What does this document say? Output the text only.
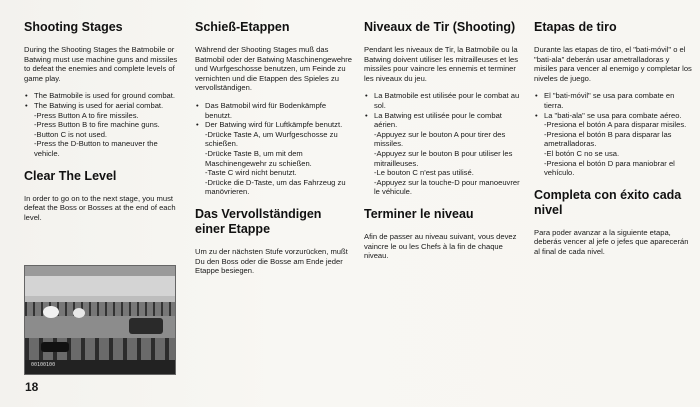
Shooting Stages

During the Shooting Stages the Batmobile or Batwing must use machine guns and missiles to defeat the enemies and complete levels of game play.

• The Batmobile is used for ground combat.
• The Batwing is used for aerial combat.
-Press Button A to fire missiles.
-Press Button B to fire machine guns.
-Button C is not used.
-Press the D-Button to maneuver the vehicle.
Clear The Level

In order to go on to the next stage, you must defeat the Boss or Bosses at the end of each level.

Schieß-Etappen

Während der Shooting Stages muß das Batmobil oder der Batwing Maschinengewehre und Wurfgeschosse benutzen, um Feinde zu vernichten und die Etappen des Spieles zu vervollständigen.

• Das Batmobil wird für Bodenkämpfe benutzt.
• Der Batwing wird für Luftkämpfe benutzt.
-Drücke Taste A, um Wurfgeschosse zu schießen.
-Drücke Taste B, um mit dem Maschinengewehr zu schießen.
-Taste C wird nicht benutzt.
-Drücke die D-Taste, um das Fahrzeug zu manövrieren.
Das Vervollständigen einer Etappe

Um zu der nächsten Stufe vorzurücken, mußt Du den Boss oder die Bosse am Ende jeder Etappe besiegen.

Niveaux de Tir (Shooting)

Pendant les niveaux de Tir, la Batmobile ou la Batwing doivent utiliser les mitrailleuses et les missiles pour vaincre les ennemis et terminer les niveaux du jeu.

• La Batmobile est utilisée pour le combat au sol.
• La Batwing est utilisée pour le combat aérien.
-Appuyez sur le bouton A pour tirer des missiles.
-Appuyez sur le bouton B pour utiliser les mitrailleuses.
-Le bouton C n'est pas utilisé.
-Appuyez sur la touche-D pour manoeuvrer le véhicule.
Terminer le niveau

Afin de passer au niveau suivant, vous devez vaincre le ou les Chefs à la fin de chaque niveau.

Etapas de tiro

Durante las etapas de tiro, el "bati-móvil" o el "bati-ala" deberán usar ametralladoras y misiles para vencer al enemigo y completar los niveles de juego.

• El "bati-móvil" se usa para combate en tierra.
• La "bati-ala" se usa para combate aéreo.
-Presiona el botón A para disparar misiles.
-Presiona el botón B para disparar las ametralladoras.
-El botón C no se usa.
-Presiona el botón D para maniobrar el vehículo.
Completa con éxito cada nivel

Para poder avanzar a la siguiente etapa, deberás vencer al jefe o jefes que aparecerán al final de cada nivel.

00100100
18
